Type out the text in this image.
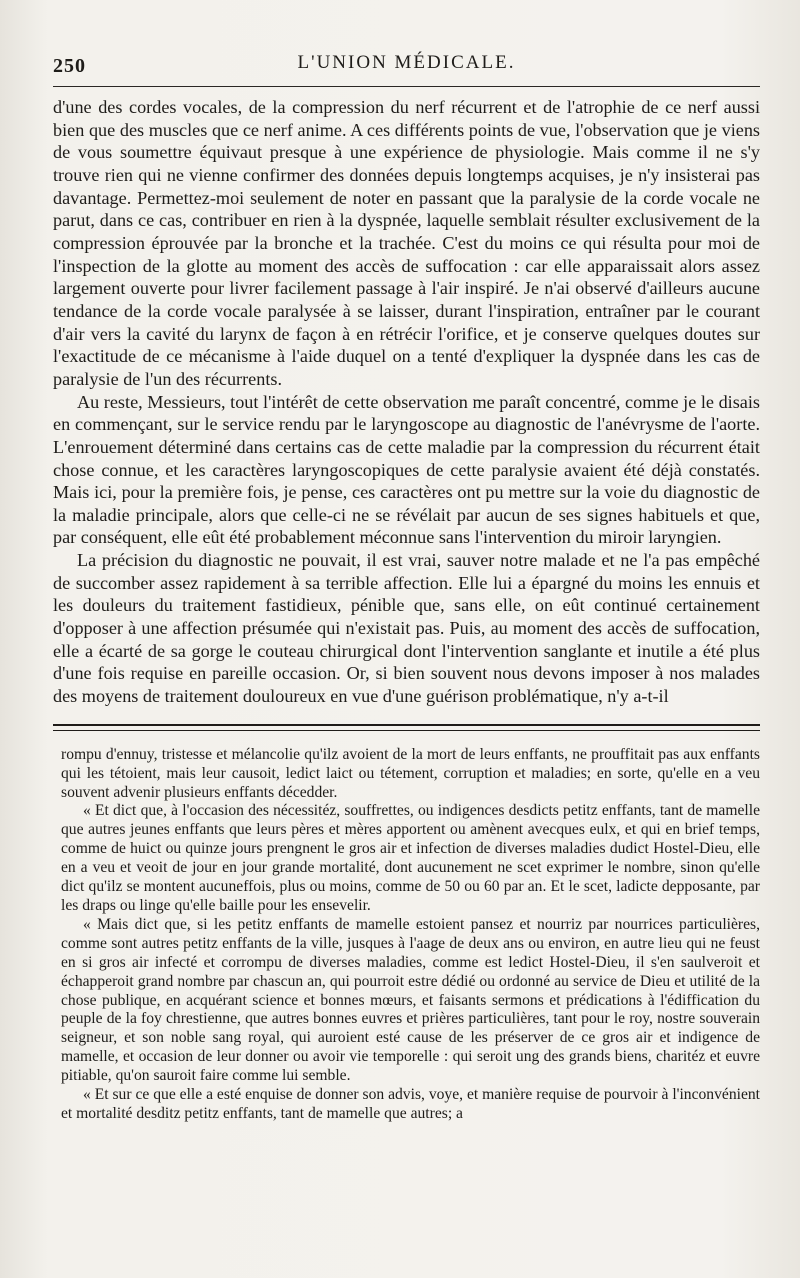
250	L'UNION MÉDICALE.

d'une des cordes vocales, de la compression du nerf récurrent et de l'atrophie de ce nerf aussi bien que des muscles que ce nerf anime. A ces différents points de vue, l'observation que je viens de vous soumettre équivaut presque à une expérience de physiologie. Mais comme il ne s'y trouve rien qui ne vienne confirmer des données depuis longtemps acquises, je n'y insisterai pas davantage. Permettez-moi seulement de noter en passant que la paralysie de la corde vocale ne parut, dans ce cas, contribuer en rien à la dyspnée, laquelle semblait résulter exclusivement de la compression éprouvée par la bronche et la trachée. C'est du moins ce qui résulta pour moi de l'inspection de la glotte au moment des accès de suffocation : car elle apparaissait alors assez largement ouverte pour livrer facilement passage à l'air inspiré. Je n'ai observé d'ailleurs aucune tendance de la corde vocale paralysée à se laisser, durant l'inspiration, entraîner par le courant d'air vers la cavité du larynx de façon à en rétrécir l'orifice, et je conserve quelques doutes sur l'exactitude de ce mécanisme à l'aide duquel on a tenté d'expliquer la dyspnée dans les cas de paralysie de l'un des récurrents.

Au reste, Messieurs, tout l'intérêt de cette observation me paraît concentré, comme je le disais en commençant, sur le service rendu par le laryngoscope au diagnostic de l'anévrysme de l'aorte. L'enrouement déterminé dans certains cas de cette maladie par la compression du récurrent était chose connue, et les caractères laryngoscopiques de cette paralysie avaient été déjà constatés. Mais ici, pour la première fois, je pense, ces caractères ont pu mettre sur la voie du diagnostic de la maladie principale, alors que celle-ci ne se révélait par aucun de ses signes habituels et que, par conséquent, elle eût été probablement méconnue sans l'intervention du miroir laryngien.

La précision du diagnostic ne pouvait, il est vrai, sauver notre malade et ne l'a pas empêché de succomber assez rapidement à sa terrible affection. Elle lui a épargné du moins les ennuis et les douleurs du traitement fastidieux, pénible que, sans elle, on eût continué certainement d'opposer à une affection présumée qui n'existait pas. Puis, au moment des accès de suffocation, elle a écarté de sa gorge le couteau chirurgical dont l'intervention sanglante et inutile a été plus d'une fois requise en pareille occasion. Or, si bien souvent nous devons imposer à nos malades des moyens de traitement douloureux en vue d'une guérison problématique, n'y a-t-il

rompu d'ennuy, tristesse et mélancolie qu'ilz avoient de la mort de leurs enffants, ne prouffitait pas aux enffants qui les tétoient, mais leur causoit, ledict laict ou tétement, corruption et maladies; en sorte, qu'elle en a veu souvent advenir plusieurs enffants décedder.

« Et dict que, à l'occasion des nécessitéz, souffrettes, ou indigences desdicts petitz enffants, tant de mamelle que autres jeunes enffants que leurs pères et mères apportent ou amènent avecques eulx, et qui en brief temps, comme de huict ou quinze jours prengnent le gros air et infection de diverses maladies dudict Hostel-Dieu, elle en a veu et veoit de jour en jour grande mortalité, dont aucunement ne scet exprimer le nombre, sinon qu'elle dict qu'ilz se montent aucuneffois, plus ou moins, comme de 50 ou 60 par an. Et le scet, ladicte depposante, par les draps ou linge qu'elle baille pour les ensevelir.

« Mais dict que, si les petitz enffants de mamelle estoient pansez et nourriz par nourrices particulières, comme sont autres petitz enffants de la ville, jusques à l'aage de deux ans ou environ, en autre lieu qui ne feust en si gros air infecté et corrompu de diverses maladies, comme est ledict Hostel-Dieu, il s'en saulveroit et échapperoit grand nombre par chascun an, qui pourroit estre dédié ou ordonné au service de Dieu et utilité de la chose publique, en acquérant science et bonnes mœurs, et faisants sermons et prédications à l'édiffication du peuple de la foy chrestienne, que autres bonnes euvres et prières particulières, tant pour le roy, nostre souverain seigneur, et son noble sang royal, qui auroient esté cause de les préserver de ce gros air et indigence de mamelle, et occasion de leur donner ou avoir vie temporelle : qui seroit ung des grands biens, charitéz et euvre pitiable, qu'on sauroit faire comme lui semble.

« Et sur ce que elle a esté enquise de donner son advis, voye, et manière requise de pourvoir à l'inconvénient et mortalité desditz petitz enffants, tant de mamelle que autres; a
